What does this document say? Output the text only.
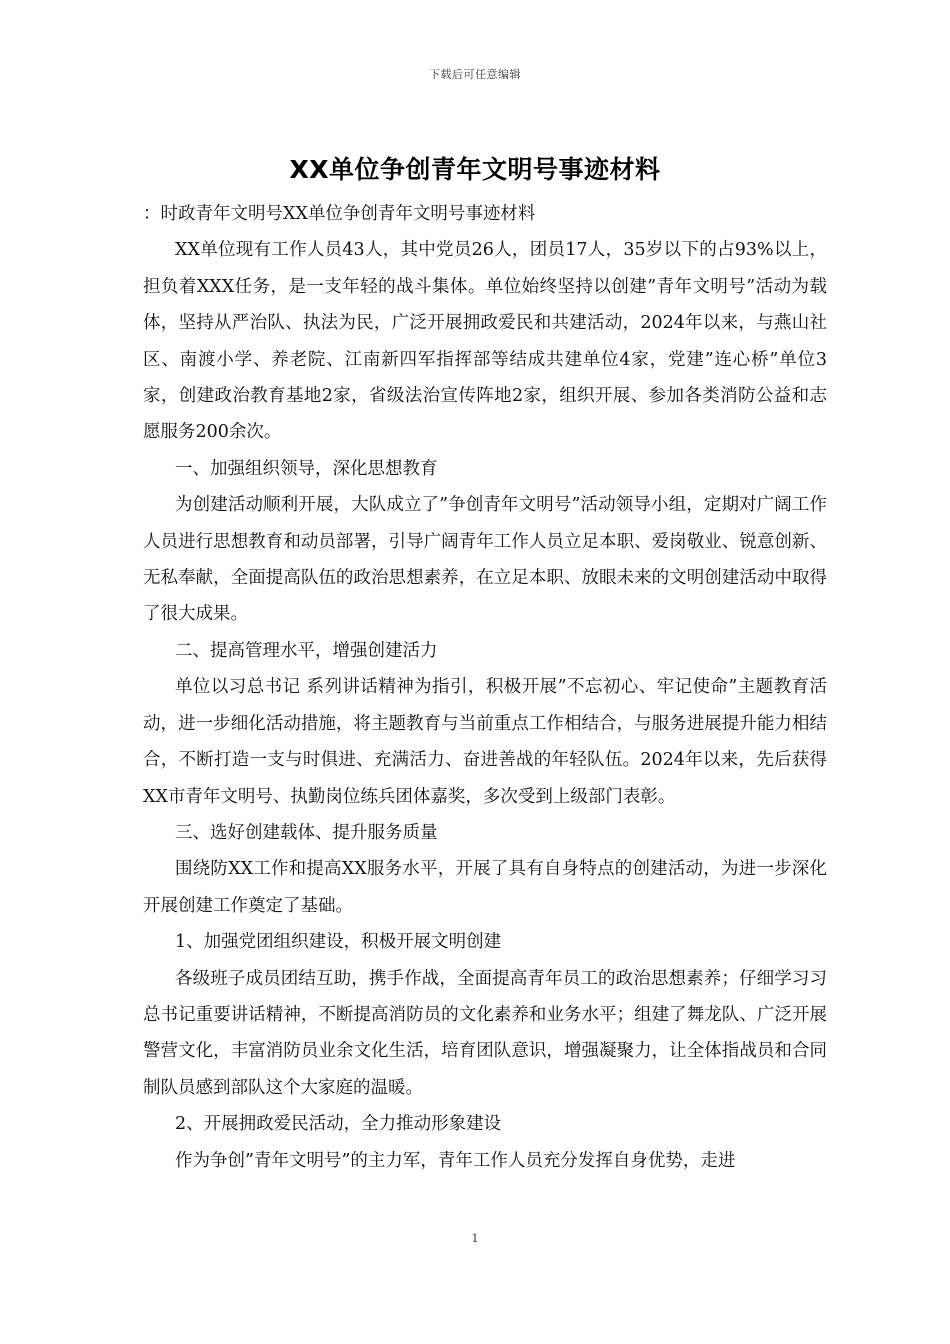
下载后可任意编辑
XX单位争创青年文明号事迹材料

：时政青年文明号XX单位争创青年文明号事迹材料

XX单位现有工作人员43人，其中党员26人，团员17人，35岁以下的占93%以上，担负着XXX任务，是一支年轻的战斗集体。单位始终坚持以创建”青年文明号”活动为载体，坚持从严治队、执法为民，广泛开展拥政爱民和共建活动，2024年以来，与燕山社区、南渡小学、养老院、江南新四军指挥部等结成共建单位4家，党建”连心桥”单位3家，创建政治教育基地2家，省级法治宣传阵地2家，组织开展、参加各类消防公益和志愿服务200余次。

一、加强组织领导，深化思想教育

为创建活动顺利开展，大队成立了”争创青年文明号”活动领导小组，定期对广阔工作人员进行思想教育和动员部署，引导广阔青年工作人员立足本职、爱岗敬业、锐意创新、无私奉献，全面提高队伍的政治思想素养，在立足本职、放眼未来的文明创建活动中取得了很大成果。

二、提高管理水平，增强创建活力

单位以习总书记 系列讲话精神为指引，积极开展”不忘初心、牢记使命”主题教育活动，进一步细化活动措施，将主题教育与当前重点工作相结合，与服务进展提升能力相结合，不断打造一支与时俱进、充满活力、奋进善战的年轻队伍。2024年以来，先后获得XX市青年文明号、执勤岗位练兵团体嘉奖，多次受到上级部门表彰。

三、选好创建载体、提升服务质量

围绕防XX工作和提高XX服务水平，开展了具有自身特点的创建活动，为进一步深化开展创建工作奠定了基础。

1、加强党团组织建设，积极开展文明创建

各级班子成员团结互助，携手作战，全面提高青年员工的政治思想素养；仔细学习习总书记重要讲话精神，不断提高消防员的文化素养和业务水平；组建了舞龙队、广泛开展警营文化，丰富消防员业余文化生活，培育团队意识，增强凝聚力，让全体指战员和合同制队员感到部队这个大家庭的温暖。

2、开展拥政爱民活动，全力推动形象建设

作为争创”青年文明号”的主力军，青年工作人员充分发挥自身优势，走进

1
